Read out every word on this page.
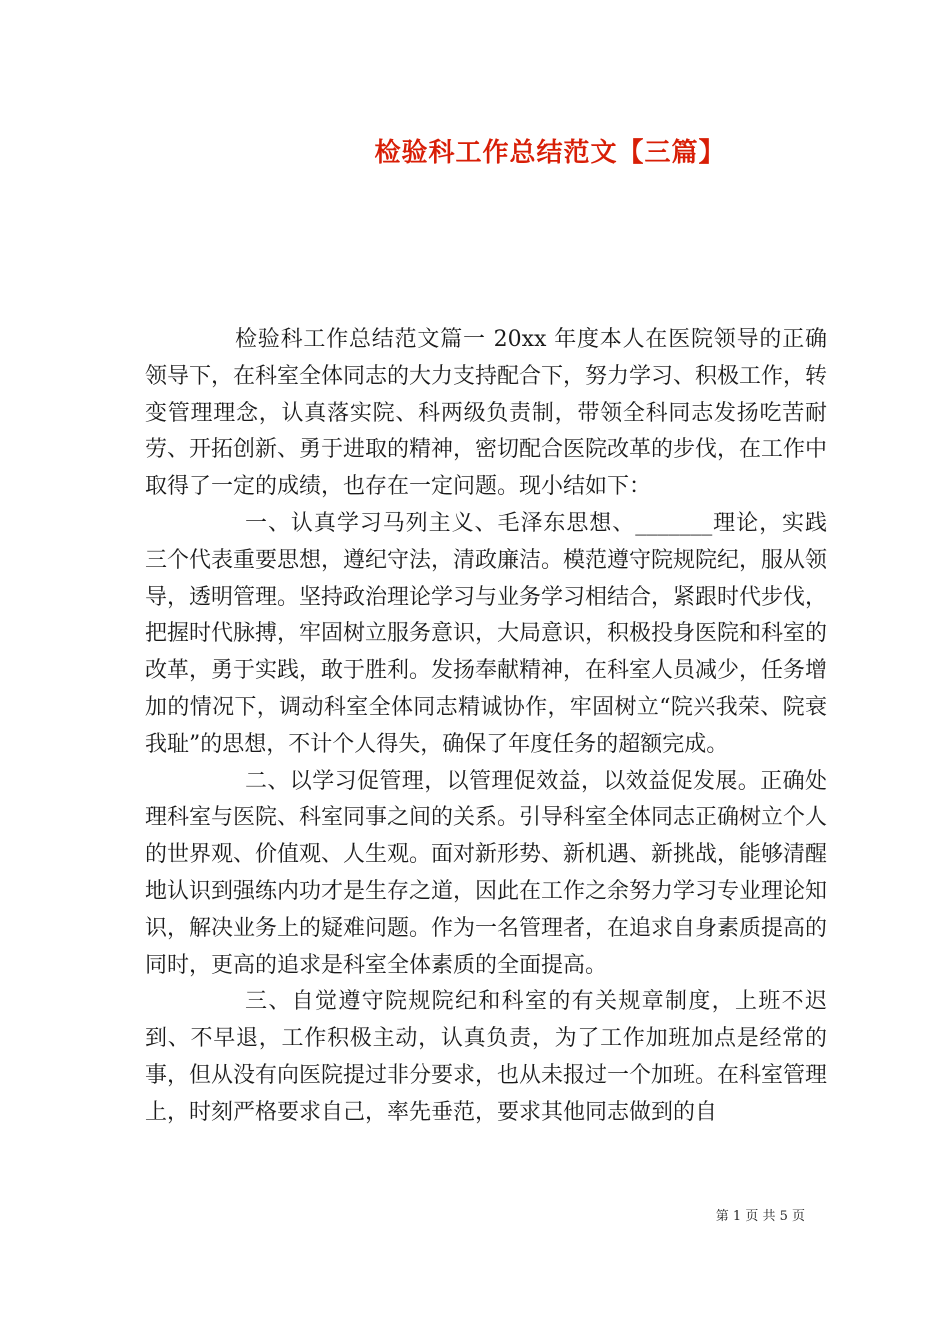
检验科工作总结范文【三篇】

检验科工作总结范文篇一 20xx 年度本人在医院领导的正确领导下，在科室全体同志的大力支持配合下，努力学习、积极工作，转变管理理念，认真落实院、科两级负责制，带领全科同志发扬吃苦耐劳、开拓创新、勇于进取的精神，密切配合医院改革的步伐，在工作中取得了一定的成绩，也存在一定问题。现小结如下：

一、认真学习马列主义、毛泽东思想、_______理论，实践三个代表重要思想，遵纪守法，清政廉洁。模范遵守院规院纪，服从领导，透明管理。坚持政治理论学习与业务学习相结合，紧跟时代步伐，把握时代脉搏，牢固树立服务意识，大局意识，积极投身医院和科室的改革，勇于实践，敢于胜利。发扬奉献精神，在科室人员减少，任务增加的情况下，调动科室全体同志精诚协作，牢固树立“院兴我荣、院衰我耻”的思想，不计个人得失，确保了年度任务的超额完成。

二、以学习促管理，以管理促效益，以效益促发展。正确处理科室与医院、科室同事之间的关系。引导科室全体同志正确树立个人的世界观、价值观、人生观。面对新形势、新机遇、新挑战，能够清醒地认识到强练内功才是生存之道，因此在工作之余努力学习专业理论知识，解决业务上的疑难问题。作为一名管理者，在追求自身素质提高的同时，更高的追求是科室全体素质的全面提高。

三、自觉遵守院规院纪和科室的有关规章制度，上班不迟到、不早退，工作积极主动，认真负责，为了工作加班加点是经常的事，但从没有向医院提过非分要求，也从未报过一个加班。在科室管理上，时刻严格要求自己，率先垂范，要求其他同志做到的自

第 1 页 共 5 页
